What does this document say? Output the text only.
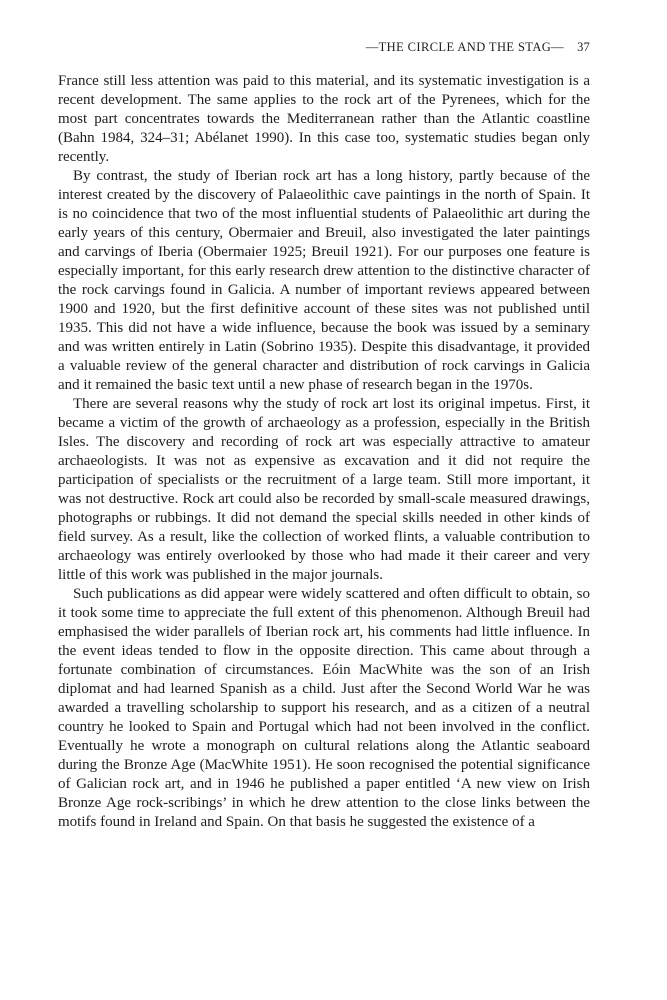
—THE CIRCLE AND THE STAG— 37

France still less attention was paid to this material, and its systematic investigation is a recent development. The same applies to the rock art of the Pyrenees, which for the most part concentrates towards the Mediterranean rather than the Atlantic coastline (Bahn 1984, 324–31; Abélanet 1990). In this case too, systematic studies began only recently.

By contrast, the study of Iberian rock art has a long history, partly because of the interest created by the discovery of Palaeolithic cave paintings in the north of Spain. It is no coincidence that two of the most influential students of Palaeolithic art during the early years of this century, Obermaier and Breuil, also investigated the later paintings and carvings of Iberia (Obermaier 1925; Breuil 1921). For our purposes one feature is especially important, for this early research drew attention to the distinctive character of the rock carvings found in Galicia. A number of important reviews appeared between 1900 and 1920, but the first definitive account of these sites was not published until 1935. This did not have a wide influence, because the book was issued by a seminary and was written entirely in Latin (Sobrino 1935). Despite this disadvantage, it provided a valuable review of the general character and distribution of rock carvings in Galicia and it remained the basic text until a new phase of research began in the 1970s.

There are several reasons why the study of rock art lost its original impetus. First, it became a victim of the growth of archaeology as a profession, especially in the British Isles. The discovery and recording of rock art was especially attractive to amateur archaeologists. It was not as expensive as excavation and it did not require the participation of specialists or the recruitment of a large team. Still more important, it was not destructive. Rock art could also be recorded by small-scale measured drawings, photographs or rubbings. It did not demand the special skills needed in other kinds of field survey. As a result, like the collection of worked flints, a valuable contribution to archaeology was entirely overlooked by those who had made it their career and very little of this work was published in the major journals.

Such publications as did appear were widely scattered and often difficult to obtain, so it took some time to appreciate the full extent of this phenomenon. Although Breuil had emphasised the wider parallels of Iberian rock art, his comments had little influence. In the event ideas tended to flow in the opposite direction. This came about through a fortunate combination of circumstances. Eóin MacWhite was the son of an Irish diplomat and had learned Spanish as a child. Just after the Second World War he was awarded a travelling scholarship to support his research, and as a citizen of a neutral country he looked to Spain and Portugal which had not been involved in the conflict. Eventually he wrote a monograph on cultural relations along the Atlantic seaboard during the Bronze Age (MacWhite 1951). He soon recognised the potential significance of Galician rock art, and in 1946 he published a paper entitled ‘A new view on Irish Bronze Age rock-scribings’ in which he drew attention to the close links between the motifs found in Ireland and Spain. On that basis he suggested the existence of a
